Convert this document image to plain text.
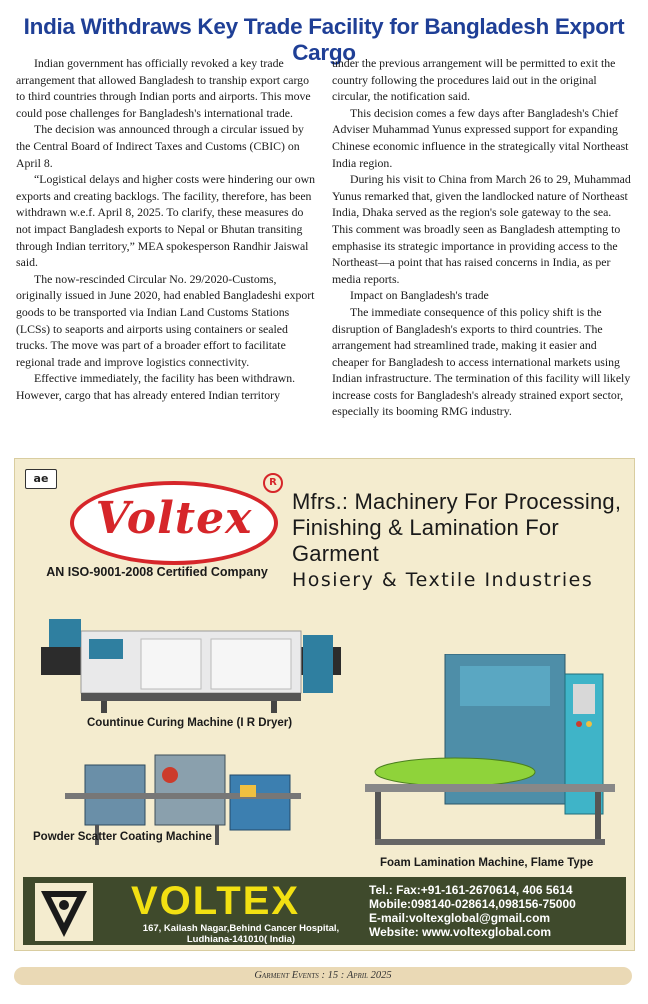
India Withdraws Key Trade Facility for Bangladesh Export Cargo

Indian government has officially revoked a key trade arrangement that allowed Bangladesh to tranship export cargo to third countries through Indian ports and airports. This move could pose challenges for Bangladesh's international trade.

The decision was announced through a circular issued by the Central Board of Indirect Taxes and Customs (CBIC) on April 8.

“Logistical delays and higher costs were hindering our own exports and creating backlogs. The facility, therefore, has been withdrawn w.e.f. April 8, 2025. To clarify, these measures do not impact Bangladesh exports to Nepal or Bhutan transiting through Indian territory,” MEA spokesperson Randhir Jaiswal said.

The now-rescinded Circular No. 29/2020-Customs, originally issued in June 2020, had enabled Bangladeshi export goods to be transported via Indian Land Customs Stations (LCSs) to seaports and airports using containers or sealed trucks. The move was part of a broader effort to facilitate regional trade and improve logistics connectivity.

Effective immediately, the facility has been withdrawn. However, cargo that has already entered Indian territory

under the previous arrangement will be permitted to exit the country following the procedures laid out in the original circular, the notification said.

This decision comes a few days after Bangladesh's Chief Adviser Muhammad Yunus expressed support for expanding Chinese economic influence in the strategically vital Northeast India region.

During his visit to China from March 26 to 29, Muhammad Yunus remarked that, given the landlocked nature of Northeast India, Dhaka served as the region's sole gateway to the sea. This comment was broadly seen as Bangladesh attempting to emphasise its strategic importance in providing access to the Northeast—a point that has raised concerns in India, as per media reports.

Impact on Bangladesh's trade

The immediate consequence of this policy shift is the disruption of Bangladesh's exports to third countries. The arrangement had streamlined trade, making it easier and cheaper for Bangladesh to access international markets using Indian infrastructure. The termination of this facility will likely increase costs for Bangladesh's already strained export sector, especially its booming RMG industry.

ae
Voltex
R
AN ISO-9001-2008 Certified Company
Mfrs.: Machinery For Processing,
Finishing & Lamination For Garment
Hosiery & Textile Industries
Countinue Curing Machine (I R Dryer)
Powder Scatter Coating Machine
Foam Lamination Machine, Flame Type
VOLTEX
167, Kailash Nagar,Behind Cancer Hospital,
Ludhiana-141010( India)
Tel.: Fax:+91-161-2670614, 406 5614
Mobile:098140-028614,098156-75000
E-mail:voltexglobal@gmail.com
Website: www.voltexglobal.com
Garment Events : 15 : April 2025
